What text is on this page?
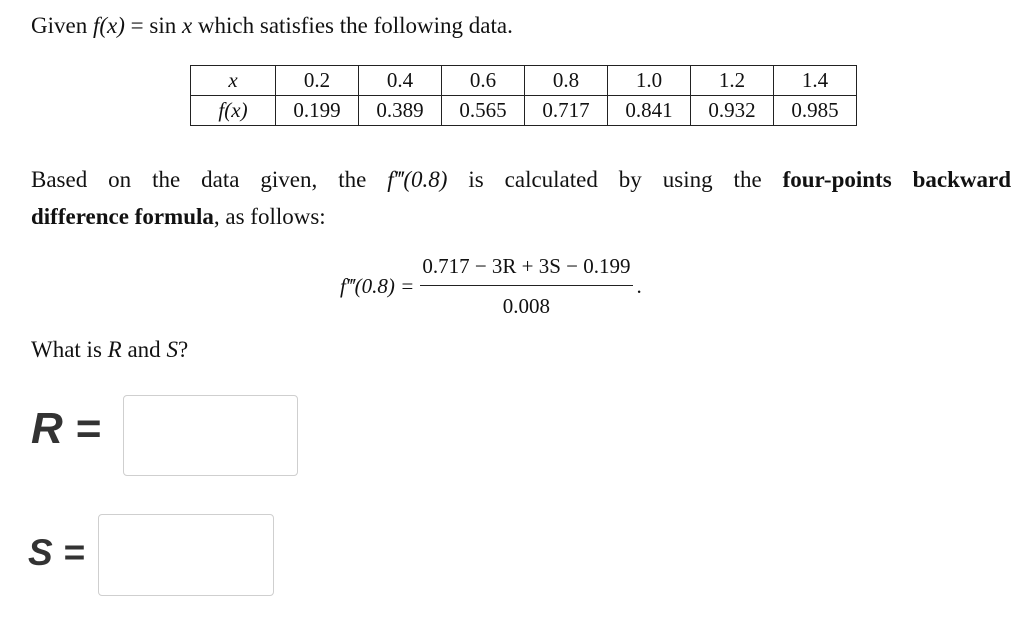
Given f(x) = sin x which satisfies the following data.
x	0.2	0.4	0.6	0.8	1.0	1.2	1.4
f(x)	0.199	0.389	0.565	0.717	0.841	0.932	0.985
Based on the data given, the f‴(0.8) is calculated by using the four-points backward
difference formula, as follows:
f‴(0.8) = $\frac{0.717 - 3R + 3S - 0.199}{0.008}$ .
What is R and S?
R =
S =
